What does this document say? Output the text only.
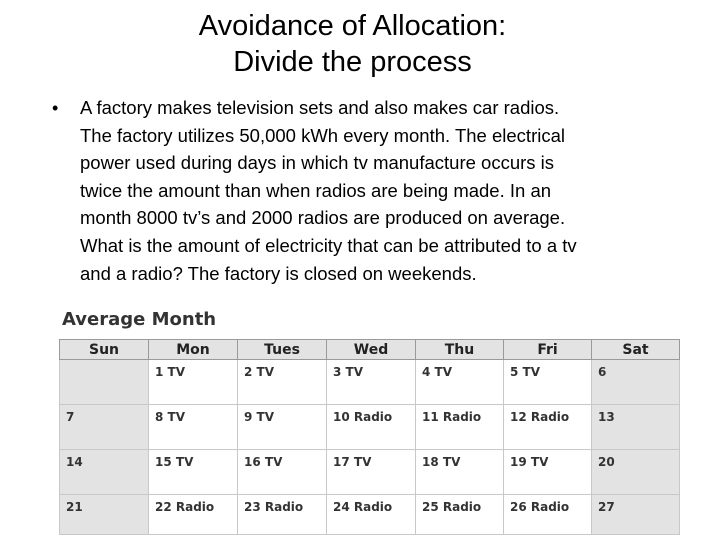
Avoidance of Allocation:
Divide the process
• A factory makes television sets and also makes car radios.
The factory utilizes 50,000 kWh every month. The electrical
power used during days in which tv manufacture occurs is
twice the amount than when radios are being made. In an
month 8000 tv’s and 2000 radios are produced on average.
What is the amount of electricity that can be attributed to a tv
and a radio? The factory is closed on weekends.
Average Month
Sun	Mon	Tues	Wed	Thu	Fri	Sat
	1 TV	2 TV	3 TV	4 TV	5 TV	6
7	8 TV	9 TV	10 Radio	11 Radio	12 Radio	13
14	15 TV	16 TV	17 TV	18 TV	19 TV	20
21	22 Radio	23 Radio	24 Radio	25 Radio	26 Radio	27
